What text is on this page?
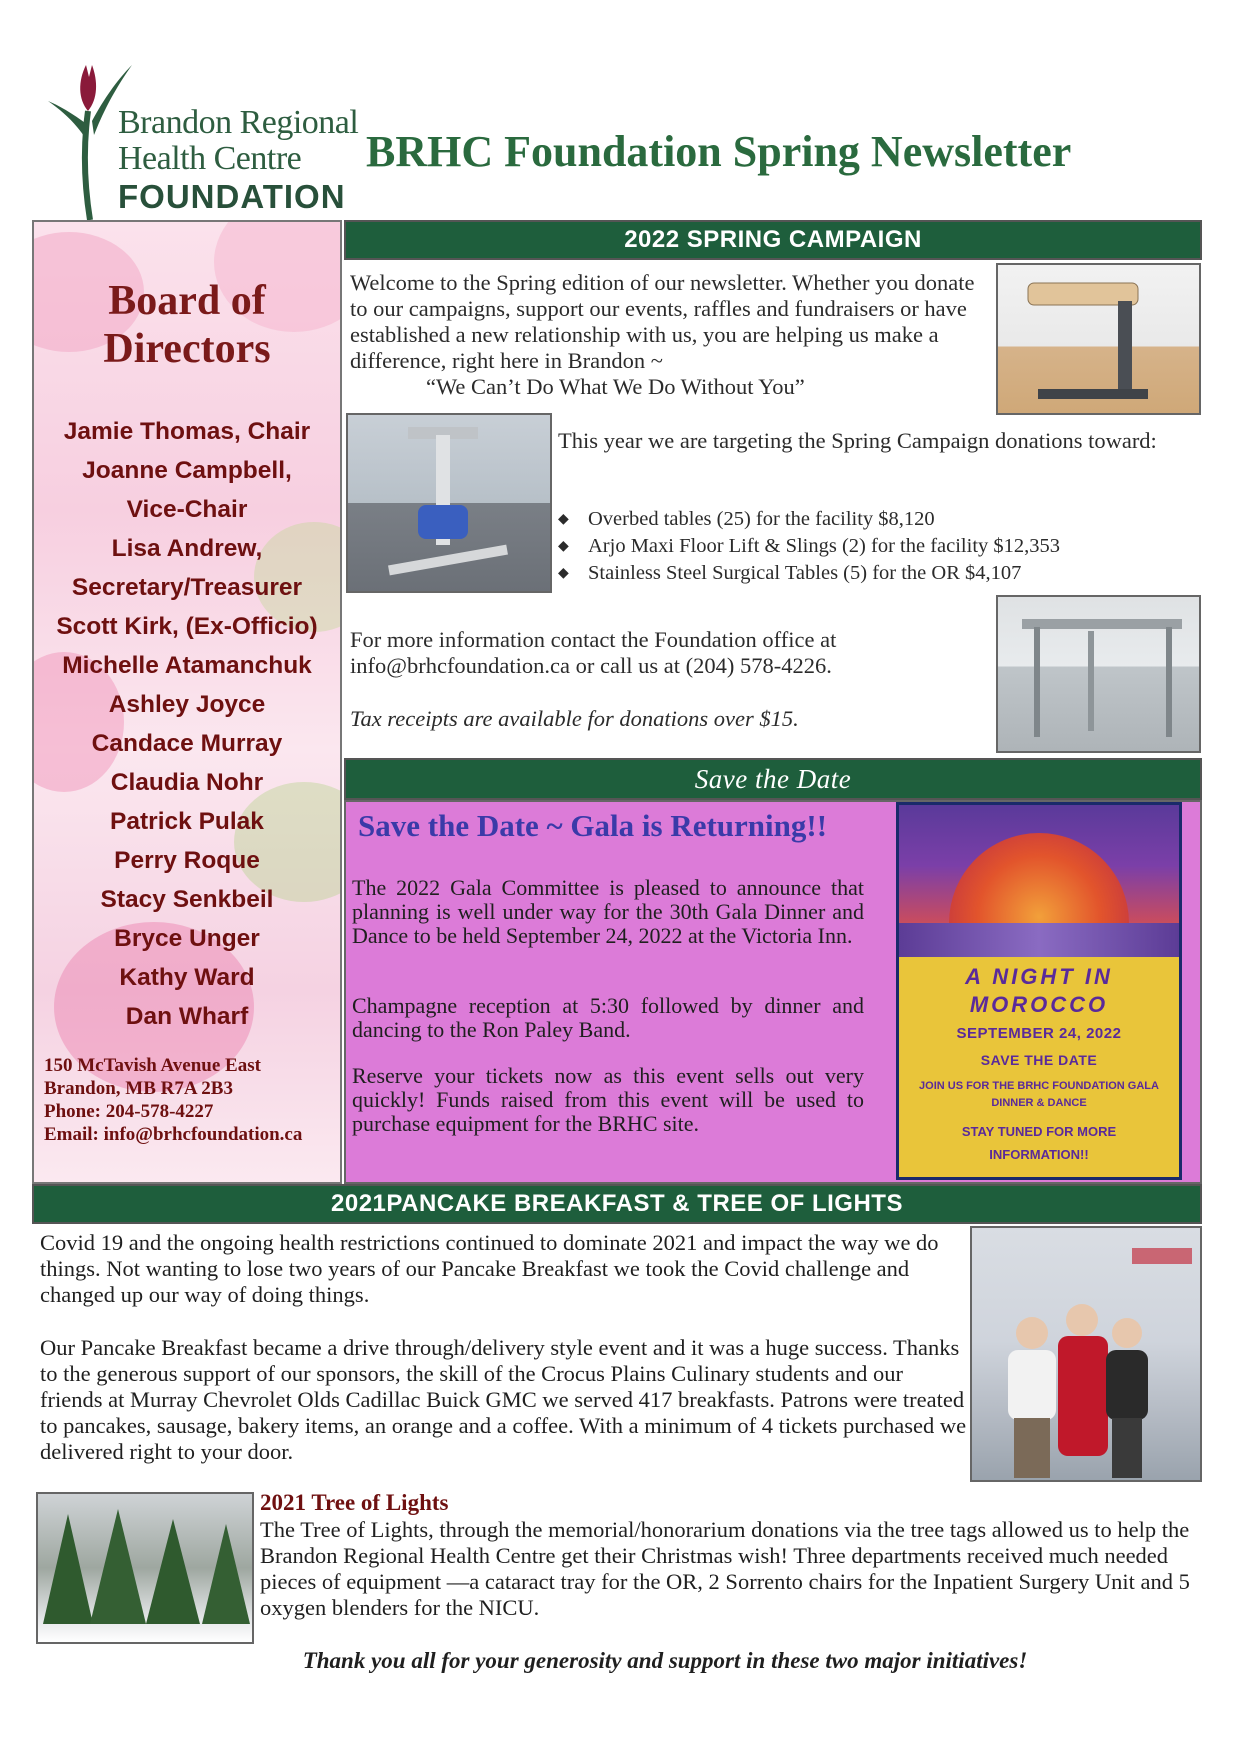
Brandon Regional
Health Centre
FOUNDATION
BRHC Foundation Spring Newsletter
Board of
Directors
Jamie Thomas, Chair
Joanne Campbell,
Vice-Chair
Lisa Andrew,
Secretary/Treasurer
Scott Kirk, (Ex-Officio)
Michelle Atamanchuk
Ashley Joyce
Candace Murray
Claudia Nohr
Patrick Pulak
Perry Roque
Stacy Senkbeil
Bryce Unger
Kathy Ward
Dan Wharf
150 McTavish Avenue East
Brandon, MB R7A 2B3
Phone: 204-578-4227
Email: info@brhcfoundation.ca
2022 SPRING CAMPAIGN
Welcome to the Spring edition of our newsletter. Whether you donate to our campaigns, support our events, raffles and fundraisers or have established a new relationship with us, you are helping us make a difference, right here in Brandon ~
“We Can’t Do What We Do Without You”
This year we are targeting the Spring Campaign donations toward:
◆ Overbed tables (25) for the facility $8,120
◆ Arjo Maxi Floor Lift & Slings (2) for the facility $12,353
◆ Stainless Steel Surgical Tables (5) for the OR $4,107
For more information contact the Foundation office at info@brhcfoundation.ca or call us at (204) 578-4226.
Tax receipts are available for donations over $15.
Save the Date
Save the Date ~ Gala is Returning!!
The 2022 Gala Committee is pleased to announce that planning is well under way for the 30th Gala Dinner and Dance to be held September 24, 2022 at the Victoria Inn.
Champagne reception at 5:30 followed by dinner and dancing to the Ron Paley Band.
Reserve your tickets now as this event sells out very quickly! Funds raised from this event will be used to purchase equipment for the BRHC site.
A NIGHT IN
MOROCCO
SEPTEMBER 24, 2022
SAVE THE DATE
JOIN US FOR THE BRHC FOUNDATION GALA
DINNER & DANCE
STAY TUNED FOR MORE
INFORMATION!!
2021PANCAKE BREAKFAST & TREE OF LIGHTS
Covid 19 and the ongoing health restrictions continued to dominate 2021 and impact the way we do things. Not wanting to lose two years of our Pancake Breakfast we took the Covid challenge and changed up our way of doing things.
Our Pancake Breakfast became a drive through/delivery style event and it was a huge success. Thanks to the generous support of our sponsors, the skill of the Crocus Plains Culinary students and our friends at Murray Chevrolet Olds Cadillac Buick GMC we served 417 breakfasts. Patrons were treated to pancakes, sausage, bakery items, an orange and a coffee. With a minimum of 4 tickets purchased we delivered right to your door.
2021 Tree of Lights
The Tree of Lights, through the memorial/honorarium donations via the tree tags allowed us to help the Brandon Regional Health Centre get their Christmas wish! Three departments received much needed pieces of equipment —a cataract tray for the OR, 2 Sorrento chairs for the Inpatient Surgery Unit and 5 oxygen blenders for the NICU.
Thank you all for your generosity and support in these two major initiatives!
